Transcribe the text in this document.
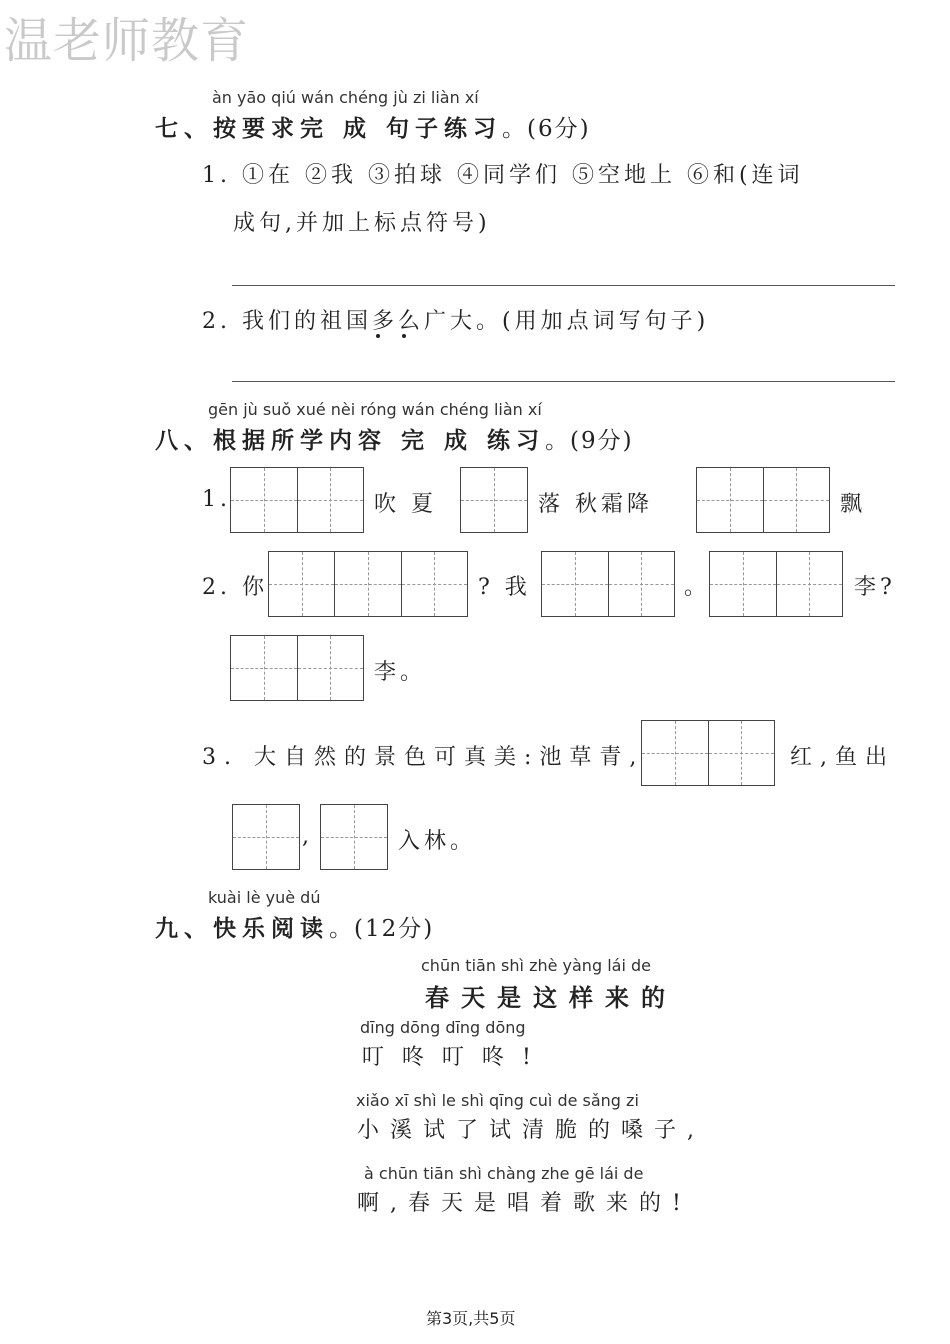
温老师教育
àn yāo qiú wán chéng jù zi liàn xí
七、按要求完 成 句子练习。(6分)
1. ①在 ②我 ③拍球 ④同学们 ⑤空地上 ⑥和(连词
成句,并加上标点符号)
2. 我们的祖国多么广大。(用加点词写句子)
gēn jù suǒ xué nèi róng wán chéng liàn xí
八、根据所学内容 完 成 练习。(9分)
1.	吹 夏	落 秋霜降	飘
2. 你	? 我	。	李?
李。
3. 大自然的景色可真美:池草青,	红,鱼出
,	入林。
kuài lè yuè dú
九、快乐阅读。(12分)
chūn tiān shì zhè yàng lái de
春天是这样来的
dīng dōng dīng dōng
叮咚叮咚!
xiǎo xī shì le shì qīng cuì de sǎng zi
小溪试了试清脆的嗓子,
à chūn tiān shì chàng zhe gē lái de
啊,春天是唱着歌来的!
第3页,共5页
